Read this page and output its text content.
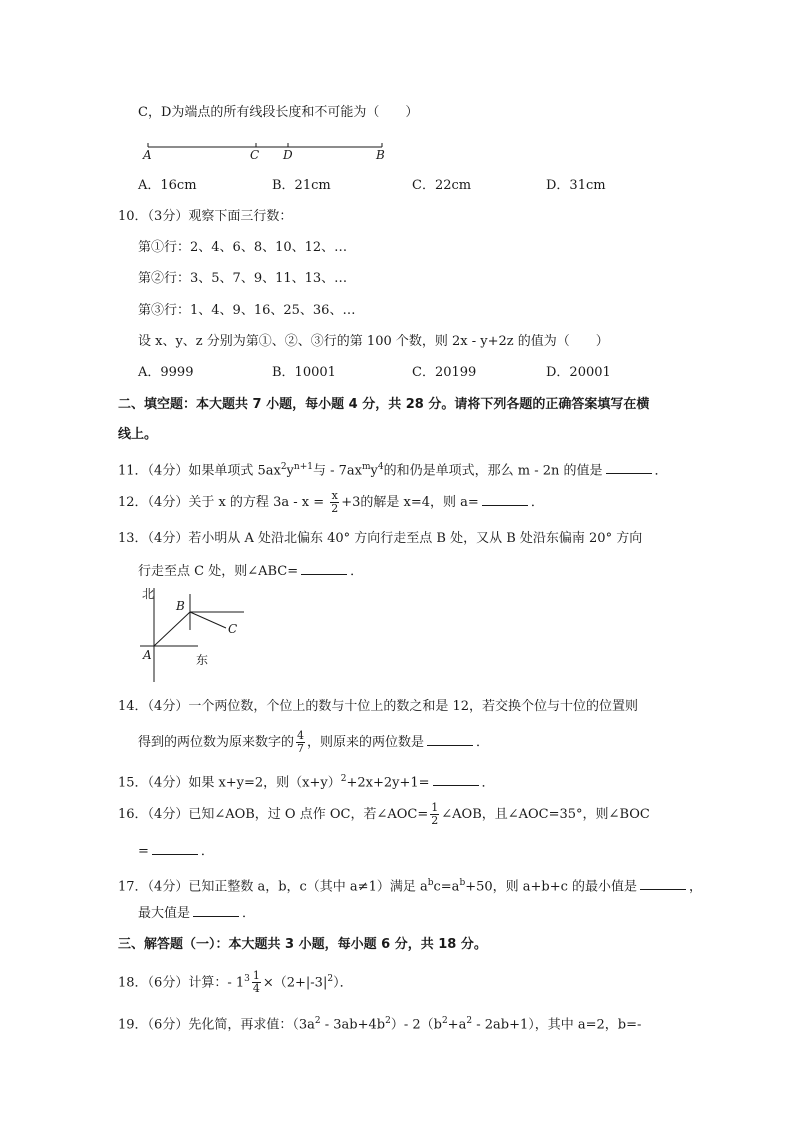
C，D为端点的所有线段长度和不可能为（　　）
A	C D	B
A．16cm	B．21cm	C．22cm	D．31cm
10．（3分）观察下面三行数：
第①行：2、4、6、8、10、12、…
第②行：3、5、7、9、11、13、…
第③行：1、4、9、16、25、36、…
设 x、y、z 分别为第①、②、③行的第 100 个数，则 2x - y+2z 的值为（　　）
A．9999	B．10001	C．20199	D．20001
二、填空题：本大题共 7 小题，每小题 4 分，共 28 分。请将下列各题的正确答案填写在横
线上。
11．（4分）如果单项式 $5ax^2y^{n+1}$与 - $7ax^my^4$的和仍是单项式，那么 m - 2n 的值是	．
12．（4分）关于 x 的方程 $3a - x = \frac{x}{2} +3$的解是 x=4，则 a=	．
13．（4分）若小明从 A 处沿北偏东 40° 方向行走至点 B 处，又从 B 处沿东偏南 20° 方向
行走至点 C 处，则∠ABC=	．
北
东
A
B
C
14．（4分）一个两位数，个位上的数与十位上的数之和是 12，若交换个位与十位的位置则
得到的两位数为原来数字的 $\frac{4}{7}$ ，则原来的两位数是	．
15．（4分）如果 x+y=2，则$(x+y)^2+2x+2y+1=$	．
16．（4分）已知∠AOB，过 O 点作 OC，若∠AOC= $\frac{1}{2}$ ∠AOB，且∠AOC=35°，则∠BOC
=	．
17．（4分）已知正整数 a，b，c（其中 a≠1）满足 $a^bc=a^b+50$，则 a+b+c 的最小值是	，
最大值是	．
三、解答题（一）：本大题共 3 小题，每小题 6 分，共 18 分。
18．（6分）计算：- $1^3 \frac{1}{4} \times(2+|-3|^2)$．
19．（6分）先化简，再求值：$(3a^2 - 3ab+4b^2)-$ $2(b^2+a^2 - 2ab+1)$，其中 a=2，b=-
